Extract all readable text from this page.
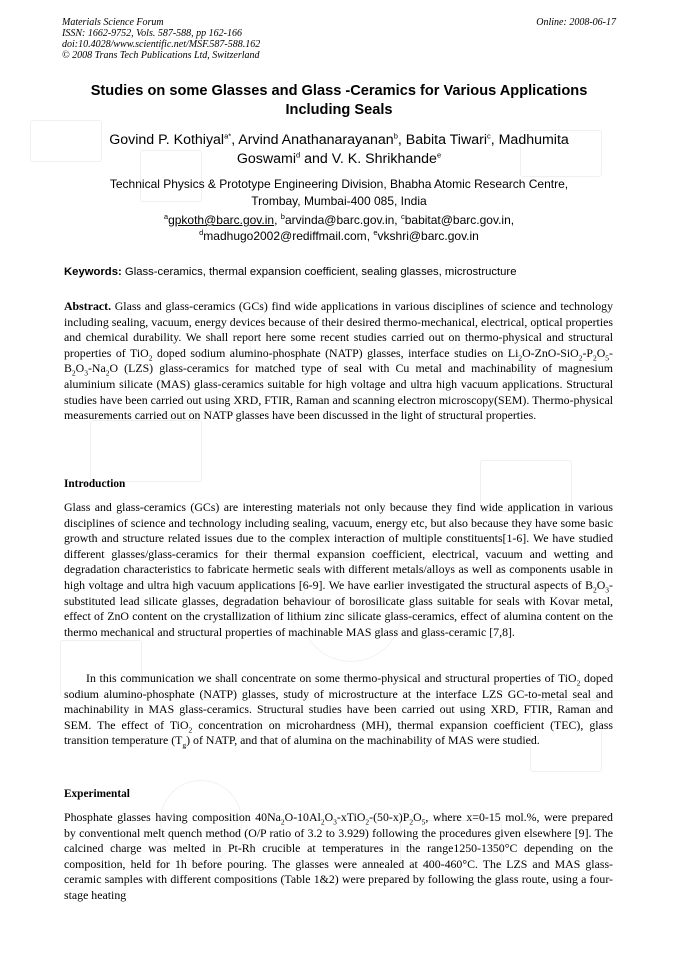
Materials Science Forum
ISSN: 1662-9752, Vols. 587-588, pp 162-166
doi:10.4028/www.scientific.net/MSF.587-588.162
© 2008 Trans Tech Publications Ltd, Switzerland
Online: 2008-06-17
Studies on some Glasses and Glass -Ceramics for Various Applications
Including Seals
Govind P. Kothiyal$^{a*}$, Arvind Anathanarayanan$^b$, Babita Tiwari$^c$, Madhumita
Goswami$^d$ and V. K. Shrikhande$^e$
Technical Physics & Prototype Engineering Division, Bhabha Atomic Research Centre,
Trombay, Mumbai-400 085, India
$^a$gpkoth@barc.gov.in, $^b$arvinda@barc.gov.in, $^c$babitat@barc.gov.in,
$^d$madhugo2002@rediffmail.com, $^e$vkshri@barc.gov.in
Keywords: Glass-ceramics, thermal expansion coefficient, sealing glasses, microstructure
Abstract. Glass and glass-ceramics (GCs) find wide applications in various disciplines of science and technology including sealing, vacuum, energy devices because of their desired thermo-mechanical, electrical, optical properties and chemical durability. We shall report here some recent studies carried out on thermo-physical and structural properties of TiO$_2$ doped sodium alumino-phosphate (NATP) glasses, interface studies on $Li_2O-ZnO-SiO_2-P_2O_5-B_2O_3-Na_2O$ (LZS) glass-ceramics for matched type of seal with Cu metal and machinability of magnesium aluminium silicate (MAS) glass-ceramics suitable for high voltage and ultra high vacuum applications. Structural studies have been carried out using XRD, FTIR, Raman and scanning electron microscopy(SEM). Thermo-physical measurements carried out on NATP glasses have been discussed in the light of structural properties.
Introduction
Glass and glass-ceramics (GCs) are interesting materials not only because they find wide application in various disciplines of science and technology including sealing, vacuum, energy etc, but also because they have some basic growth and structure related issues due to the complex interaction of multiple constituents[1-6]. We have studied different glasses/glass-ceramics for their thermal expansion coefficient, electrical, vacuum and wetting and degradation characteristics to fabricate hermetic seals with different metals/alloys as well as components usable in high voltage and ultra high vacuum applications [6-9]. We have earlier investigated the structural aspects of $B_2O_3$-substituted lead silicate glasses, degradation behaviour of borosilicate glass suitable for seals with Kovar metal, effect of ZnO content on the crystallization of lithium zinc silicate glass-ceramics, effect of alumina content on the thermo mechanical and structural properties of machinable MAS glass and glass-ceramic [7,8].
In this communication we shall concentrate on some thermo-physical and structural properties of TiO$_2$ doped sodium alumino-phosphate (NATP) glasses, study of microstructure at the interface LZS GC-to-metal seal and machinability in MAS glass-ceramics. Structural studies have been carried out using XRD, FTIR, Raman and SEM. The effect of TiO$_2$ concentration on microhardness (MH), thermal expansion coefficient (TEC), glass transition temperature $(T_g)$ of NATP, and that of alumina on the machinability of MAS were studied.
Experimental
Phosphate glasses having composition $40Na_2O-10Al_2O_3-xTiO_2-(50-x)P_2O_5$, where x=0-15 mol.%, were prepared by conventional melt quench method (O/P ratio of 3.2 to 3.929) following the procedures given elsewhere [9]. The calcined charge was melted in Pt-Rh crucible at temperatures in the range1250-1350°C depending on the composition, held for 1h before pouring. The glasses were annealed at 400-460°C. The LZS and MAS glass-ceramic samples with different compositions (Table 1&2) were prepared by following the glass route, using a four-stage heating
